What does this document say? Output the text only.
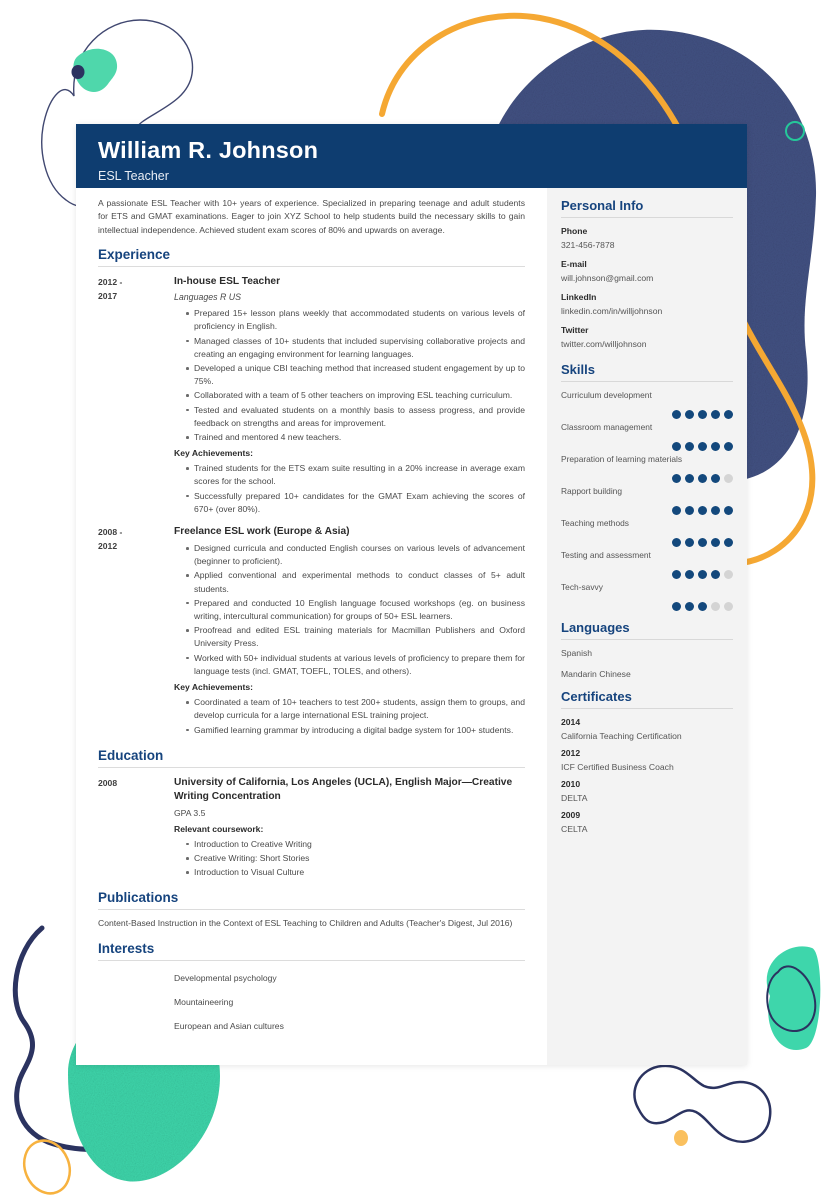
William R. Johnson
ESL Teacher

A passionate ESL Teacher with 10+ years of experience. Specialized in preparing teenage and adult students for ETS and GMAT examinations. Eager to join XYZ School to help students build the necessary skills to gain intellectual independence. Achieved student exam scores of 80% and upwards on average.

Experience
2012 -
2017

In-house ESL Teacher

Languages R US

Prepared 15+ lesson plans weekly that accommodated students on various levels of proficiency in English.
Managed classes of 10+ students that included supervising collaborative projects and creating an engaging environment for learning languages.
Developed a unique CBI teaching method that increased student engagement by up to 75%.
Collaborated with a team of 5 other teachers on improving ESL teaching curriculum.
Tested and evaluated students on a monthly basis to assess progress, and provide feedback on strengths and areas for improvement.
Trained and mentored 4 new teachers.

Key Achievements:

Trained students for the ETS exam suite resulting in a 20% increase in average exam scores for the school.
Successfully prepared 10+ candidates for the GMAT Exam achieving the scores of 670+ (over 80%).
2008 -
2012

Freelance ESL work (Europe & Asia)

Designed curricula and conducted English courses on various levels of advancement (beginner to proficient).
Applied conventional and experimental methods to conduct classes of 5+ adult students.
Prepared and conducted 10 English language focused workshops (eg. on business writing, intercultural communication) for groups of 50+ ESL learners.
Proofread and edited ESL training materials for Macmillan Publishers and Oxford University Press.
Worked with 50+ individual students at various levels of proficiency to prepare them for language tests (incl. GMAT, TOEFL, TOLES, and others).

Key Achievements:

Coordinated a team of 10+ teachers to test 200+ students, assign them to groups, and develop curricula for a large international ESL training project.
Gamified learning grammar by introducing a digital badge system for 100+ students.
Education
2008	University of California, Los Angeles (UCLA), English Major—Creative Writing Concentration

GPA 3.5

Relevant coursework:

Introduction to Creative Writing
Creative Writing: Short Stories
Introduction to Visual Culture
Publications

Content-Based Instruction in the Context of ESL Teaching to Children and Adults (Teacher's Digest, Jul 2016)

Interests

Developmental psychology

Mountaineering

European and Asian cultures

Personal Info
Phone
321-456-7878
E-mail
will.johnson@gmail.com
LinkedIn
linkedin.com/in/willjohnson
Twitter
twitter.com/willjohnson
Skills
Curriculum development
Classroom management
Preparation of learning materials
Rapport building
Teaching methods
Testing and assessment
Tech-savvy
Languages

Spanish

Mandarin Chinese

Certificates
2014
California Teaching Certification
2012
ICF Certified Business Coach
2010
DELTA
2009
CELTA
